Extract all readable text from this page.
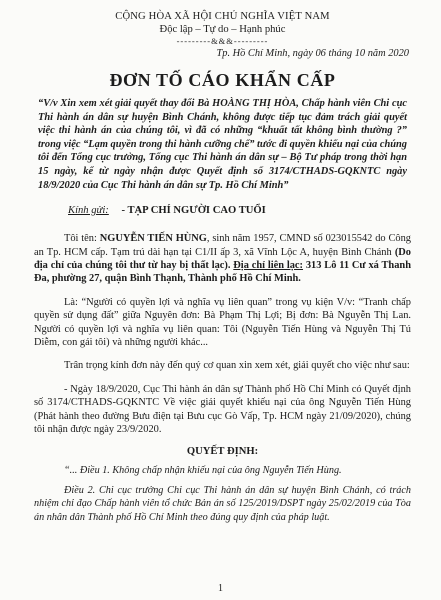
CỘNG HÒA XÃ HỘI CHỦ NGHĨA VIỆT NAM
Độc lập – Tự do – Hạnh phúc
---------&&&---------
Tp. Hồ Chí Minh, ngày 06 tháng 10 năm 2020
ĐƠN TỐ CÁO KHẨN CẤP
“V/v Xin xem xét giải quyết thay đổi Bà HOÀNG THỊ HÒA, Chấp hành viên Chi cục Thi hành án dân sự huyện Bình Chánh, không được tiếp tục đảm trách giải quyết việc thi hành án của chúng tôi, vì đã có những “khuất tất không bình thường ?” trong việc “Lạm quyền trong thi hành cưỡng chế” tước đi quyền khiếu nại của chúng tôi đến Tổng cục trưởng, Tổng cục Thi hành án dân sự – Bộ Tư pháp trong thời hạn 15 ngày, kể từ ngày nhận được Quyết định số 3174/CTHADS-GQKNTC ngày 18/9/2020 của Cục Thi hành án dân sự Tp. Hồ Chí Minh”
Kính gửi: - TẠP CHÍ NGƯỜI CAO TUỔI
Tôi tên: NGUYỄN TIẾN HÙNG, sinh năm 1957, CMND số 023015542 do Công an Tp. HCM cấp. Tạm trú dài hạn tại C1/II ấp 3, xã Vĩnh Lộc A, huyện Bình Chánh (Do địa chỉ của chúng tôi thư từ hay bị thất lạc). Địa chỉ liên lạc: 313 Lô 11 Cư xá Thanh Đa, phường 27, quận Bình Thạnh, Thành phố Hồ Chí Minh.
Là: “Người có quyền lợi và nghĩa vụ liên quan” trong vụ kiện V/v: “Tranh chấp quyền sử dụng đất” giữa Nguyên đơn: Bà Phạm Thị Lợi; Bị đơn: Bà Nguyễn Thị Lan. Người có quyền lợi và nghĩa vụ liên quan: Tôi (Nguyễn Tiến Hùng và Nguyễn Thị Tú Diễm, con gái tôi) và những người khác...
Trân trọng kính đơn này đến quý cơ quan xin xem xét, giải quyết cho việc như sau:
- Ngày 18/9/2020, Cục Thi hành án dân sự Thành phố Hồ Chí Minh có Quyết định số 3174/CTHADS-GQKNTC Về việc giải quyết khiếu nại của ông Nguyễn Tiến Hùng (Phát hành theo đường Bưu điện tại Bưu cục Gò Vấp, Tp. HCM ngày 21/09/2020), chúng tôi nhận được ngày 23/9/2020.
QUYẾT ĐỊNH:
“... Điều 1. Không chấp nhận khiếu nại của ông Nguyễn Tiến Hùng.
Điều 2. Chi cục trưởng Chi cục Thi hành án dân sự huyện Bình Chánh, có trách nhiệm chỉ đạo Chấp hành viên tổ chức Bản án số 125/2019/DSPT ngày 25/02/2019 của Tòa án nhân dân Thành phố Hồ Chí Minh theo đúng quy định của pháp luật.
1
